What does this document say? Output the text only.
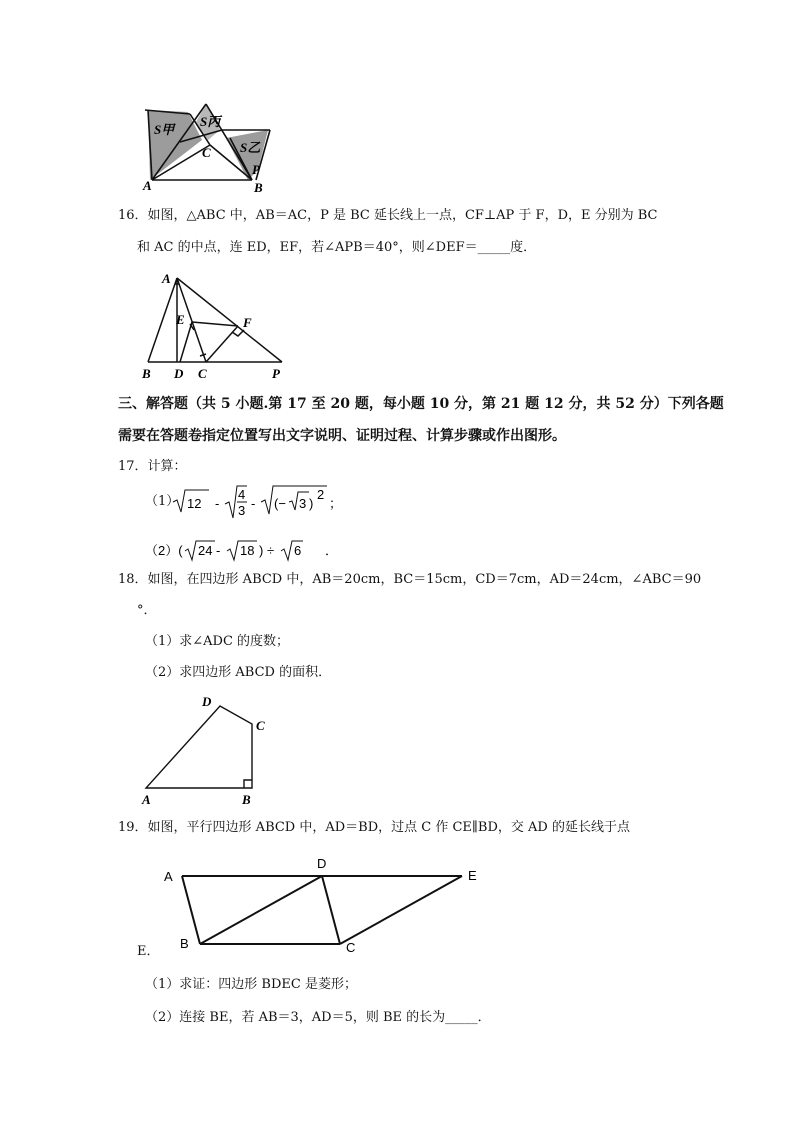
S甲
S乙
S丙
C
P
A	B
16．如图，△ABC 中，AB＝AC，P 是 BC 延长线上一点，CF⊥AP 于 F，D，E 分别为 BC
和 AC 的中点，连 ED，EF，若∠APB＝40°，则∠DEF＝_____度．
A
E	F
B D C	P
三、解答题（共 5 小题.第 17 至 20 题，每小题 10 分，第 21 题 12 分，共 52 分）下列各题
需要在答题卷指定位置写出文字说明、证明过程、计算步骤或作出图形。
17．计算：
（1） 12 -
4
3 - (− 3 )
2
；
（2）( 24 - 18 ) ÷ 6 ．
18．如图，在四边形 ABCD 中，AB＝20cm，BC＝15cm，CD＝7cm，AD＝24cm，∠ABC＝90
°．
（1）求∠ADC 的度数；
（2）求四边形 ABCD 的面积．
D
C
A	B
19．如图，平行四边形 ABCD 中，AD＝BD，过点 C 作 CE∥BD，交 AD 的延长线于点
A
D
E
B	C
E．
（1）求证：四边形 BDEC 是菱形；
（2）连接 BE，若 AB＝3，AD＝5，则 BE 的长为_____．
